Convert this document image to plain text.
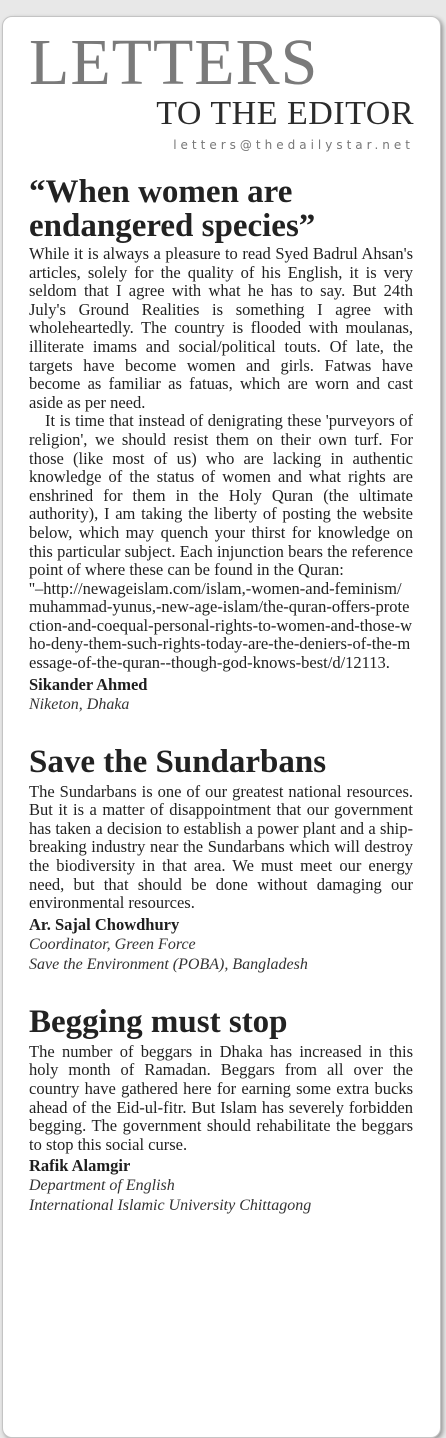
LETTERS
TO THE EDITOR
letters@thedailystar.net
“When women are
endangered species”

While it is always a pleasure to read Syed Badrul Ahsan's articles, solely for the quality of his English, it is very seldom that I agree with what he has to say. But 24th July's Ground Realities is something I agree with wholeheartedly. The country is flooded with moulanas, illiterate imams and social/political touts. Of late, the targets have become women and girls. Fatwas have become as familiar as fatuas, which are worn and cast aside as per need.

It is time that instead of denigrating these 'purveyors of religion', we should resist them on their own turf. For those (like most of us) who are lacking in authentic knowledge of the status of women and what rights are enshrined for them in the Holy Quran (the ultimate authority), I am taking the liberty of posting the website below, which may quench your thirst for knowledge on this particular subject. Each injunction bears the reference point of where these can be found in the Quran:

''–http://newageislam.com/islam,-women-and-feminism/muhammad-yunus,-new-age-islam/the-quran-offers-protection-and-coequal-personal-rights-to-women-and-those-who-deny-them-such-rights-today-are-the-deniers-of-the-message-of-the-quran--though-god-knows-best/d/12113.

Sikander Ahmed
Niketon, Dhaka
Save the Sundarbans

The Sundarbans is one of our greatest national resources. But it is a matter of disappointment that our government has taken a decision to establish a power plant and a ship-breaking industry near the Sundarbans which will destroy the biodiversity in that area. We must meet our energy need, but that should be done without damaging our environmental resources.

Ar. Sajal Chowdhury
Coordinator, Green Force
Save the Environment (POBA), Bangladesh
Begging must stop

The number of beggars in Dhaka has increased in this holy month of Ramadan. Beggars from all over the country have gathered here for earning some extra bucks ahead of the Eid-ul-fitr. But Islam has severely forbidden begging. The government should rehabilitate the beggars to stop this social curse.

Rafik Alamgir
Department of English
International Islamic University Chittagong
